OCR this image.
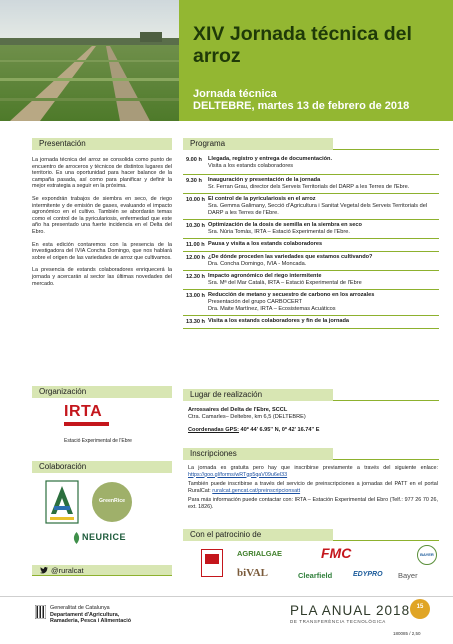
XIV Jornada técnica del
arroz
Jornada técnica
DELTEBRE, martes 13 de febrero de 2018
Presentación

La jornada técnica del arroz se consolida como punto de encuentro de arroceros y técnicos de distintos lugares del territorio. Es una oportunidad para hacer balance de la campaña pasada, así como para planificar y definir la mejor estrategia a seguir en la próxima.

Se expondrán trabajos de siembra en seco, de riego intermitente y de emisión de gases, evaluando el impacto agronómico en el cultivo. También se abordarán temas como el control de la pyriculariosis, enfermedad que este año ha presentado una fuerte incidencia en el Delta del Ebro.

En esta edición contaremos con la presencia de la investigadora del IVIA Concha Domingo, que nos hablará sobre el origen de las variedades de arroz que cultivamos.

La presencia de estands colaboradores enriquecerá la jornada y acercarán al sector las últimas novedades del mercado.

Organización
IRTA
Estació Experimental de l'Ebre
Colaboración
GreenRice
NEURICE
@ruralcat
Programa
9.00 h Llegada, registro y entrega de documentación.
Visita a los estands colaboradores
9.30 h Inauguración y presentación de la jornada
Sr. Ferran Grau, director dels Serveis Territorials del DARP a les Terres de l'Ebre.
10.00 h El control de la pyriculariosis en el arroz
Sra. Gemma Galimany, Secció d'Agricultura i Sanitat Vegetal dels Serveis Territorials del DARP a les Terres de l'Ebre.
10.30 h Optimización de la dosis de semilla en la siembra en seco
Sra. Núria Tomàs, IRTA – Estació Experimental de l'Ebre.
11.00 h Pausa y visita a los estands colaboradores
12.00 h ¿De dónde proceden las variedades que estamos cultivando?
Dra. Concha Domingo, IVIA - Moncada.
12.30 h Impacto agronómico del riego intermitente
Sra. Mª del Mar Català, IRTA – Estació Experimental de l'Ebre
13.00 h Reducción de metano y secuestro de carbono en los arrozales
Presentación del grupo CARBOCERT
Dra. Maite Martínez, IRTA – Ecosistemas Acuáticos
13.30 h Visita a los estands colaboradores y fin de la jornada
Lugar de realización
Arrossaires del Delta de l'Ebre, SCCL
Ctra. Camarles– Deltebre, km 6,5 (DELTEBRE)
Coordenadas GPS: 40º 44' 6.95'' N, 0º 42' 16.74'' E
Inscripciones

La jornada es gratuita pero hay que inscribirse previamente a través del siguiente enlace: https://goo.gl/forms/wRTgp5qaV09u6el33

También puede inscribirse a través del servicio de preinscripciones a jornadas del PATT en el portal RuralCat: ruralcat.gencat.cat/preinscripcionsatt

Para más información puede contactar con: IRTA – Estación Experimental del Ebro (Telf.: 977 26 70 26, ext. 1826).

Con el patrocinio de
AGRIALGAE	FMC	BAYER
biVAL	Clearfield	EDYPRO Bayer
Generalitat de Catalunya
Departament d'Agricultura,
Ramaderia, Pesca i Alimentació
PLA ANUAL 2018
DE TRANSFERÈNCIA TECNOLÒGICA
15
180085 / 2,50
